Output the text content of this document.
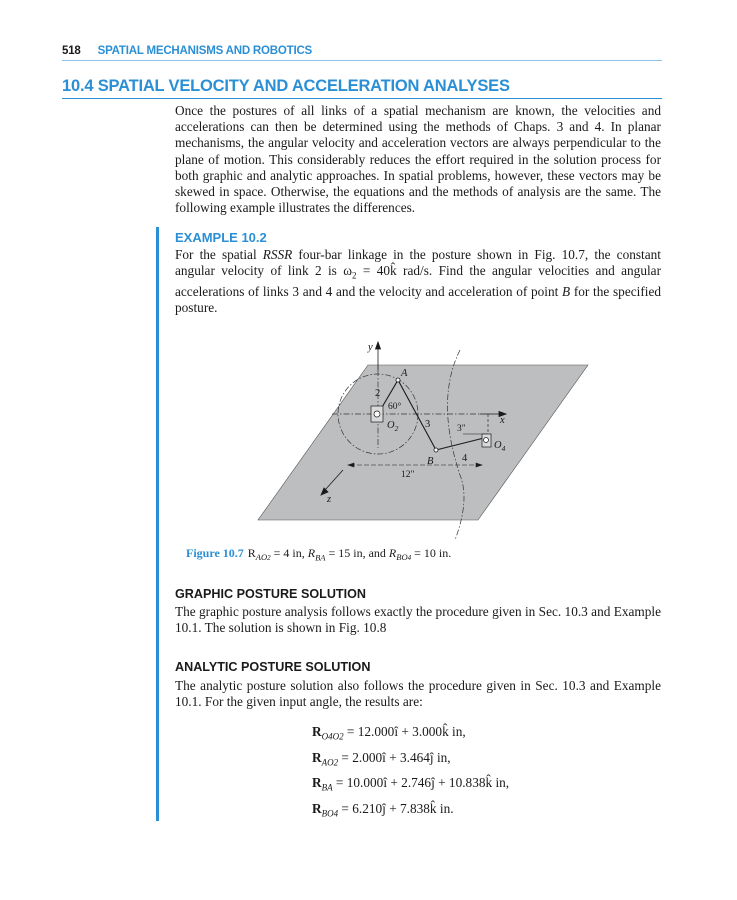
518 SPATIAL MECHANISMS AND ROBOTICS
10.4 SPATIAL VELOCITY AND ACCELERATION ANALYSES

Once the postures of all links of a spatial mechanism are known, the velocities and accelerations can then be determined using the methods of Chaps. 3 and 4. In planar mechanisms, the angular velocity and acceleration vectors are always perpendicular to the plane of motion. This considerably reduces the effort required in the solution process for both graphic and analytic approaches. In spatial problems, however, these vectors may be skewed in space. Otherwise, the equations and the methods of analysis are the same. The following example illustrates the differences.

EXAMPLE 10.2

For the spatial RSSR four-bar linkage in the posture shown in Fig. 10.7, the constant angular velocity of link 2 is $\omega_2$ = 40k̂ rad/s. Find the angular velocities and angular accelerations of links 3 and 4 and the velocity and acceleration of point B for the specified posture.

y
x
z
A
B
$O_2$
$O_4$
2
3
4
60°
3"
12"
Figure 10.7 $R_{AO2} = 4$ in, $R_{BA} = 15$ in, and $R_{BO4} = 10$ in.
GRAPHIC POSTURE SOLUTION

The graphic posture analysis follows exactly the procedure given in Sec. 10.3 and Example 10.1. The solution is shown in Fig. 10.8

ANALYTIC POSTURE SOLUTION

The analytic posture solution also follows the procedure given in Sec. 10.3 and Example 10.1. For the given input angle, the results are:

$R_{O4O2}$ = 12.000î + 3.000k̂ in,
$R_{AO2}$ = 2.000î + 3.464ĵ in,
$R_{BA}$ = 10.000î + 2.746ĵ + 10.838k̂ in,
$R_{BO4}$ = 6.210ĵ + 7.838k̂ in.
